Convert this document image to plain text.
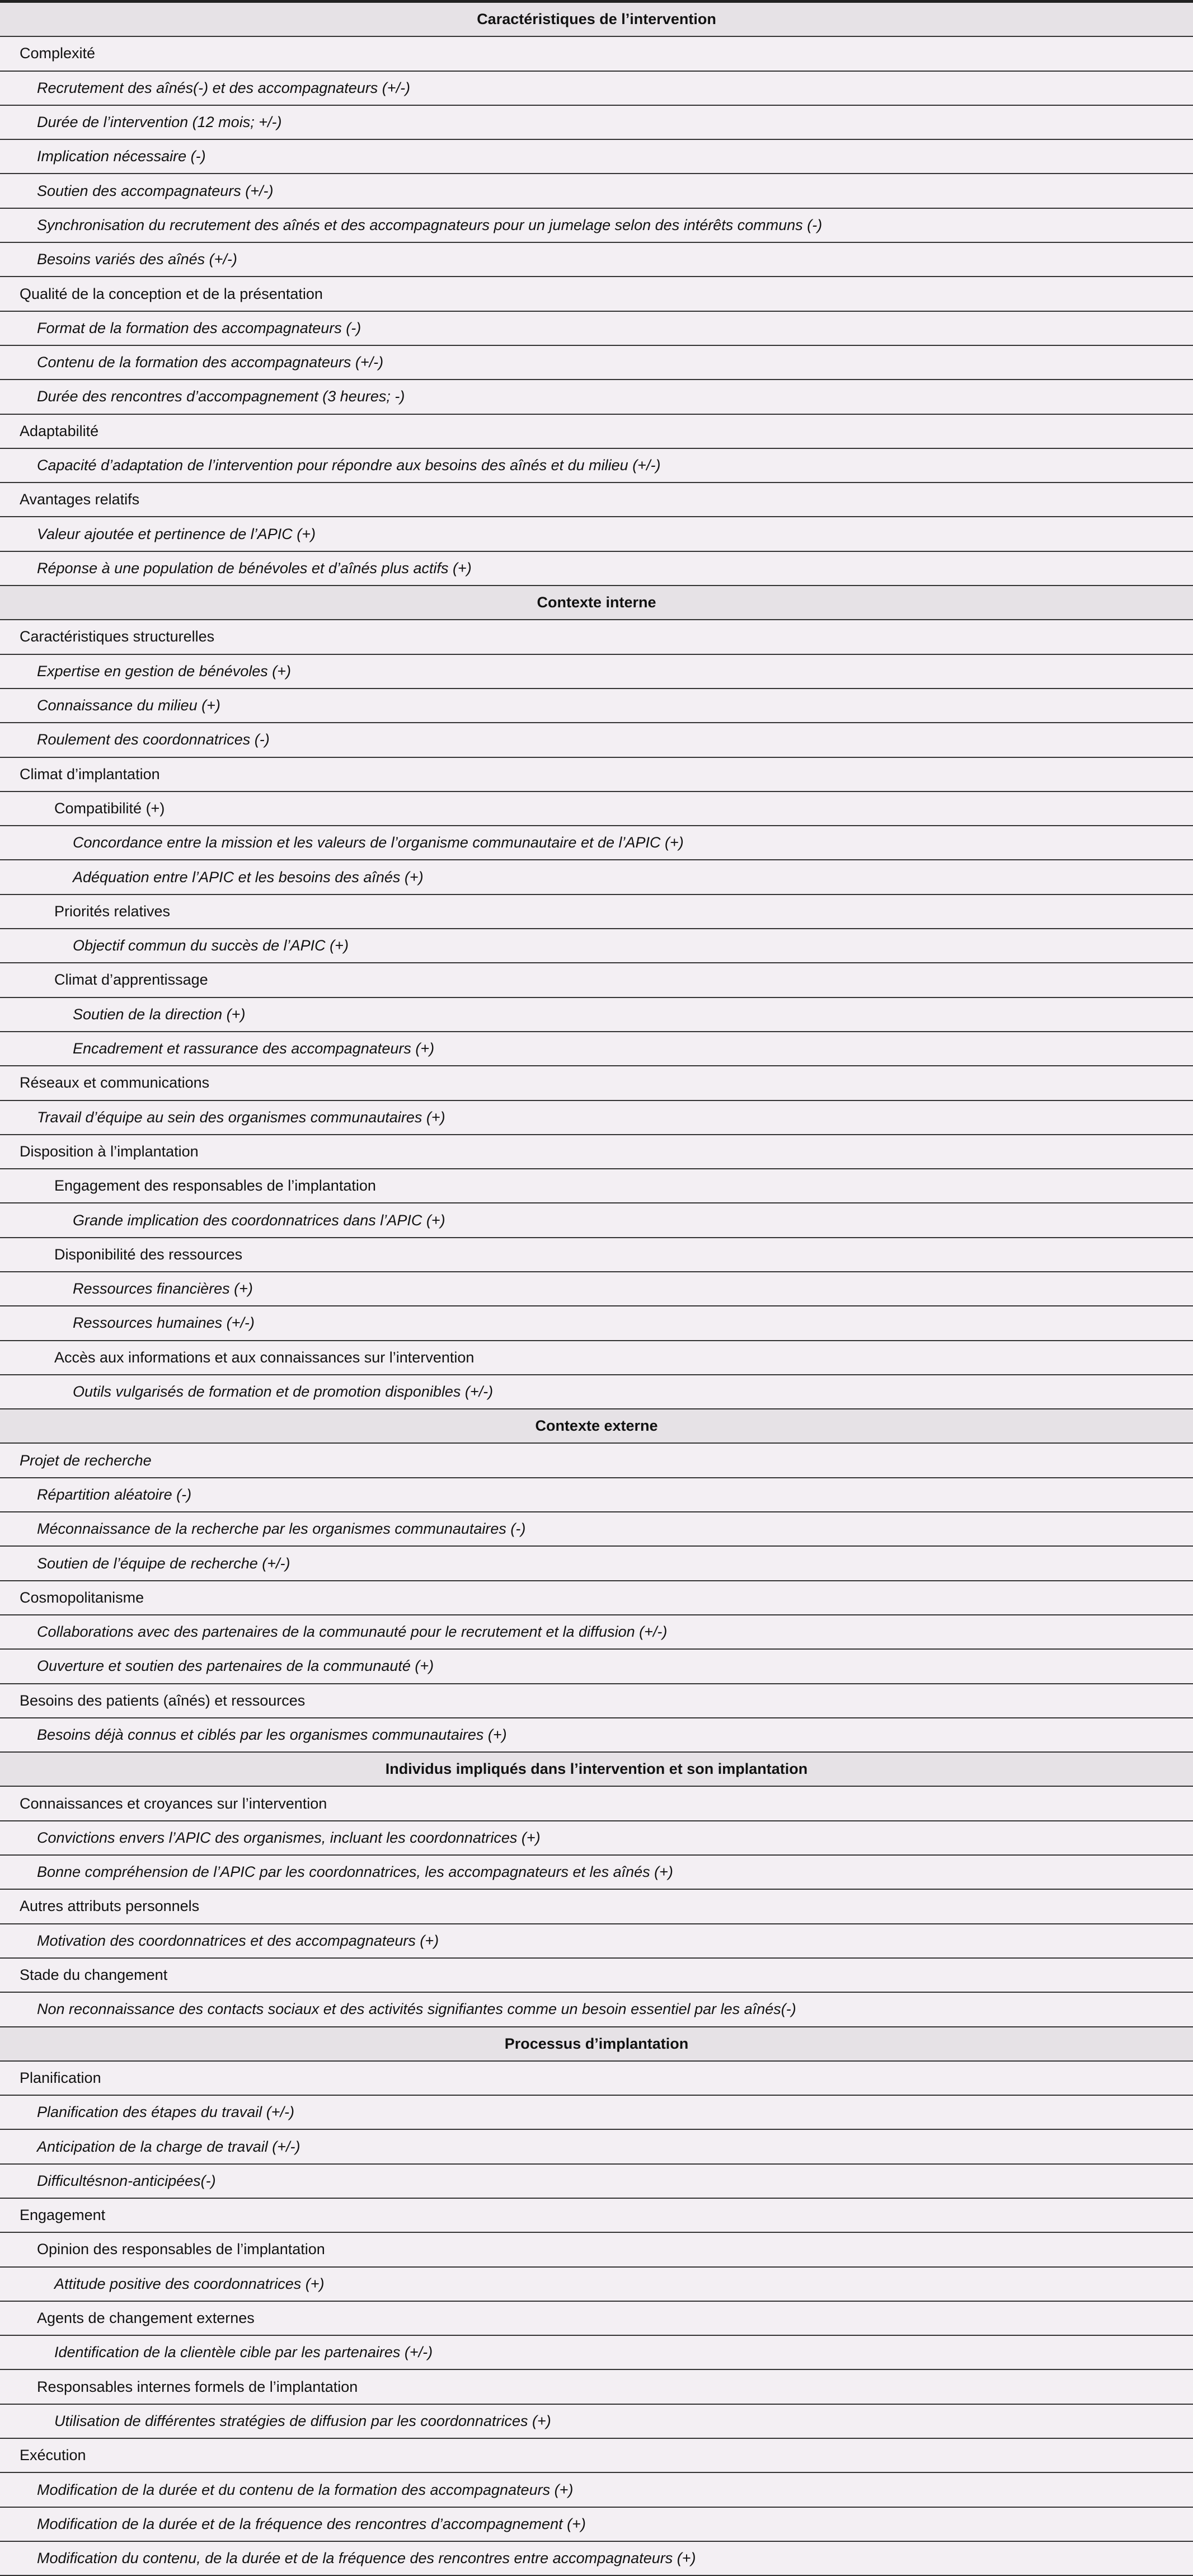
Caractéristiques de l’intervention
Complexité
Recrutement des aînés(-) et des accompagnateurs (+/-)
Durée de l’intervention (12 mois; +/-)
Implication nécessaire (-)
Soutien des accompagnateurs (+/-)
Synchronisation du recrutement des aînés et des accompagnateurs pour un jumelage selon des intérêts communs (-)
Besoins variés des aînés (+/-)
Qualité de la conception et de la présentation
Format de la formation des accompagnateurs (-)
Contenu de la formation des accompagnateurs (+/-)
Durée des rencontres d’accompagnement (3 heures; -)
Adaptabilité
Capacité d’adaptation de l’intervention pour répondre aux besoins des aînés et du milieu (+/-)
Avantages relatifs
Valeur ajoutée et pertinence de l’APIC (+)
Réponse à une population de bénévoles et d’aînés plus actifs (+)
Contexte interne
Caractéristiques structurelles
Expertise en gestion de bénévoles (+)
Connaissance du milieu (+)
Roulement des coordonnatrices (-)
Climat d’implantation
Compatibilité (+)
Concordance entre la mission et les valeurs de l’organisme communautaire et de l’APIC (+)
Adéquation entre l’APIC et les besoins des aînés (+)
Priorités relatives
Objectif commun du succès de l’APIC (+)
Climat d’apprentissage
Soutien de la direction (+)
Encadrement et rassurance des accompagnateurs (+)
Réseaux et communications
Travail d’équipe au sein des organismes communautaires (+)
Disposition à l’implantation
Engagement des responsables de l’implantation
Grande implication des coordonnatrices dans l’APIC (+)
Disponibilité des ressources
Ressources financières (+)
Ressources humaines (+/-)
Accès aux informations et aux connaissances sur l’intervention
Outils vulgarisés de formation et de promotion disponibles (+/-)
Contexte externe
Projet de recherche
Répartition aléatoire (-)
Méconnaissance de la recherche par les organismes communautaires (-)
Soutien de l’équipe de recherche (+/-)
Cosmopolitanisme
Collaborations avec des partenaires de la communauté pour le recrutement et la diffusion (+/-)
Ouverture et soutien des partenaires de la communauté (+)
Besoins des patients (aînés) et ressources
Besoins déjà connus et ciblés par les organismes communautaires (+)
Individus impliqués dans l’intervention et son implantation
Connaissances et croyances sur l’intervention
Convictions envers l’APIC des organismes, incluant les coordonnatrices (+)
Bonne compréhension de l’APIC par les coordonnatrices, les accompagnateurs et les aînés (+)
Autres attributs personnels
Motivation des coordonnatrices et des accompagnateurs (+)
Stade du changement
Non reconnaissance des contacts sociaux et des activités signifiantes comme un besoin essentiel par les aînés(-)
Processus d’implantation
Planification
Planification des étapes du travail (+/-)
Anticipation de la charge de travail (+/-)
Difficultésnon-anticipées(-)
Engagement
Opinion des responsables de l’implantation
Attitude positive des coordonnatrices (+)
Agents de changement externes
Identification de la clientèle cible par les partenaires (+/-)
Responsables internes formels de l’implantation
Utilisation de différentes stratégies de diffusion par les coordonnatrices (+)
Exécution
Modification de la durée et du contenu de la formation des accompagnateurs (+)
Modification de la durée et de la fréquence des rencontres d’accompagnement (+)
Modification du contenu, de la durée et de la fréquence des rencontres entre accompagnateurs (+)
